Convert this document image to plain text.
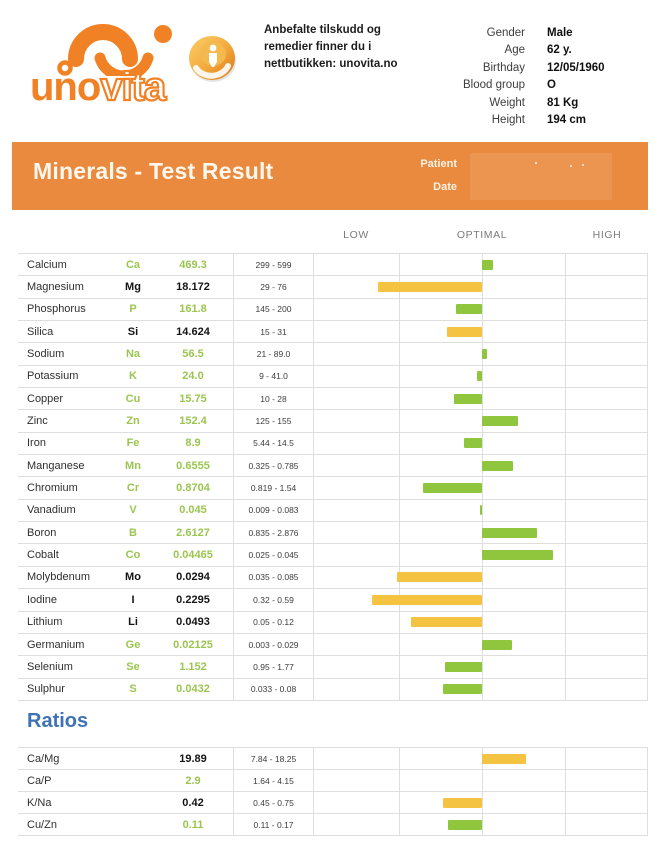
unovita
Anbefalte tilskudd og
remedier finner du i
nettbutikken: unovita.no
Gender Male
Age 62 y.
Birthday 12/05/1960
Blood group O
Weight 81 Kg
Height 194 cm
Minerals - Test Result	Patient
Date
LOW	OPTIMAL	HIGH
Calcium	Ca	469.3	299 - 599
Magnesium	Mg	18.172	29 - 76
Phosphorus	P	161.8	145 - 200
Silica	Si	14.624	15 - 31
Sodium	Na	56.5	21 - 89.0
Potassium	K	24.0	9 - 41.0
Copper	Cu	15.75	10 - 28
Zinc	Zn	152.4	125 - 155
Iron	Fe	8.9	5.44 - 14.5
Manganese	Mn	0.6555	0.325 - 0.785
Chromium	Cr	0.8704	0.819 - 1.54
Vanadium	V	0.045	0.009 - 0.083
Boron	B	2.6127	0.835 - 2.876
Cobalt	Co	0.04465	0.025 - 0.045
Molybdenum	Mo	0.0294	0.035 - 0.085
Iodine	I	0.2295	0.32 - 0.59
Lithium	Li	0.0493	0.05 - 0.12
Germanium	Ge	0.02125	0.003 - 0.029
Selenium	Se	1.152	0.95 - 1.77
Sulphur	S	0.0432	0.033 - 0.08
Ratios
Ca/Mg	19.89	7.84 - 18.25
Ca/P	2.9	1.64 - 4.15
K/Na	0.42	0.45 - 0.75
Cu/Zn	0.11	0.11 - 0.17
